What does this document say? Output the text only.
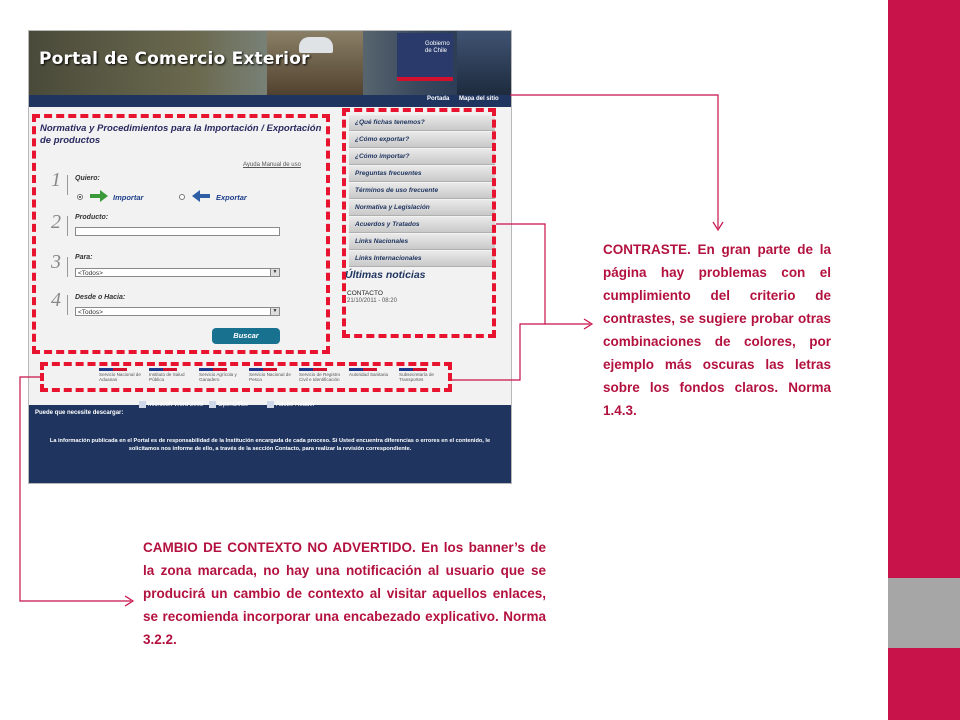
Portal de Comercio Exterior
Gobierno de Chile
Portada Mapa del sitio
Normativa y Procedimientos para la Importación / Exportación de productos
Ayuda Manual de uso
1 Quiero:
Importar	Exportar
2 Producto:
3 Para:
<Todos>	▼
4 Desde o Hacia:
<Todos>	▼
Buscar
¿Qué fichas tenemos?
¿Cómo exportar?
¿Cómo importar?
Preguntas frecuentes
Términos de uso frecuente
Normativa y Legislación
Acuerdos y Tratados
Links Nacionales
Links Internacionales
Últimas noticias
CONTACTO
21/10/2011 - 08:20
Servicio Nacional de Aduanas
Instituto de Salud Pública
Servicio Agrícola y Ganadero
Servicio Nacional de Pesca
Servicio de Registro Civil e Identificación
Autoridad Sanitaria	Subsecretaría de Transportes
Puede que necesite descargar:
Microsoft Word 2003	OpenOffice	Adobe Reader
La información publicada en el Portal es de responsabilidad de la Institución encargada de cada proceso. Si Usted encuentra diferencias o errores en el contenido, le solicitamos nos informe de ello, a través de la sección Contacto, para realizar la revisión correspondiente.
CONTRASTE. En gran parte de la página hay problemas con el cumplimiento del criterio de contrastes, se sugiere probar otras combinaciones de colores, por ejemplo más oscuras las letras sobre los fondos claros. Norma 1.4.3.
CAMBIO DE CONTEXTO NO ADVERTIDO. En los banner’s de la zona marcada, no hay una notificación al usuario que se producirá un cambio de contexto al visitar aquellos enlaces, se recomienda incorporar una encabezado explicativo. Norma 3.2.2.
